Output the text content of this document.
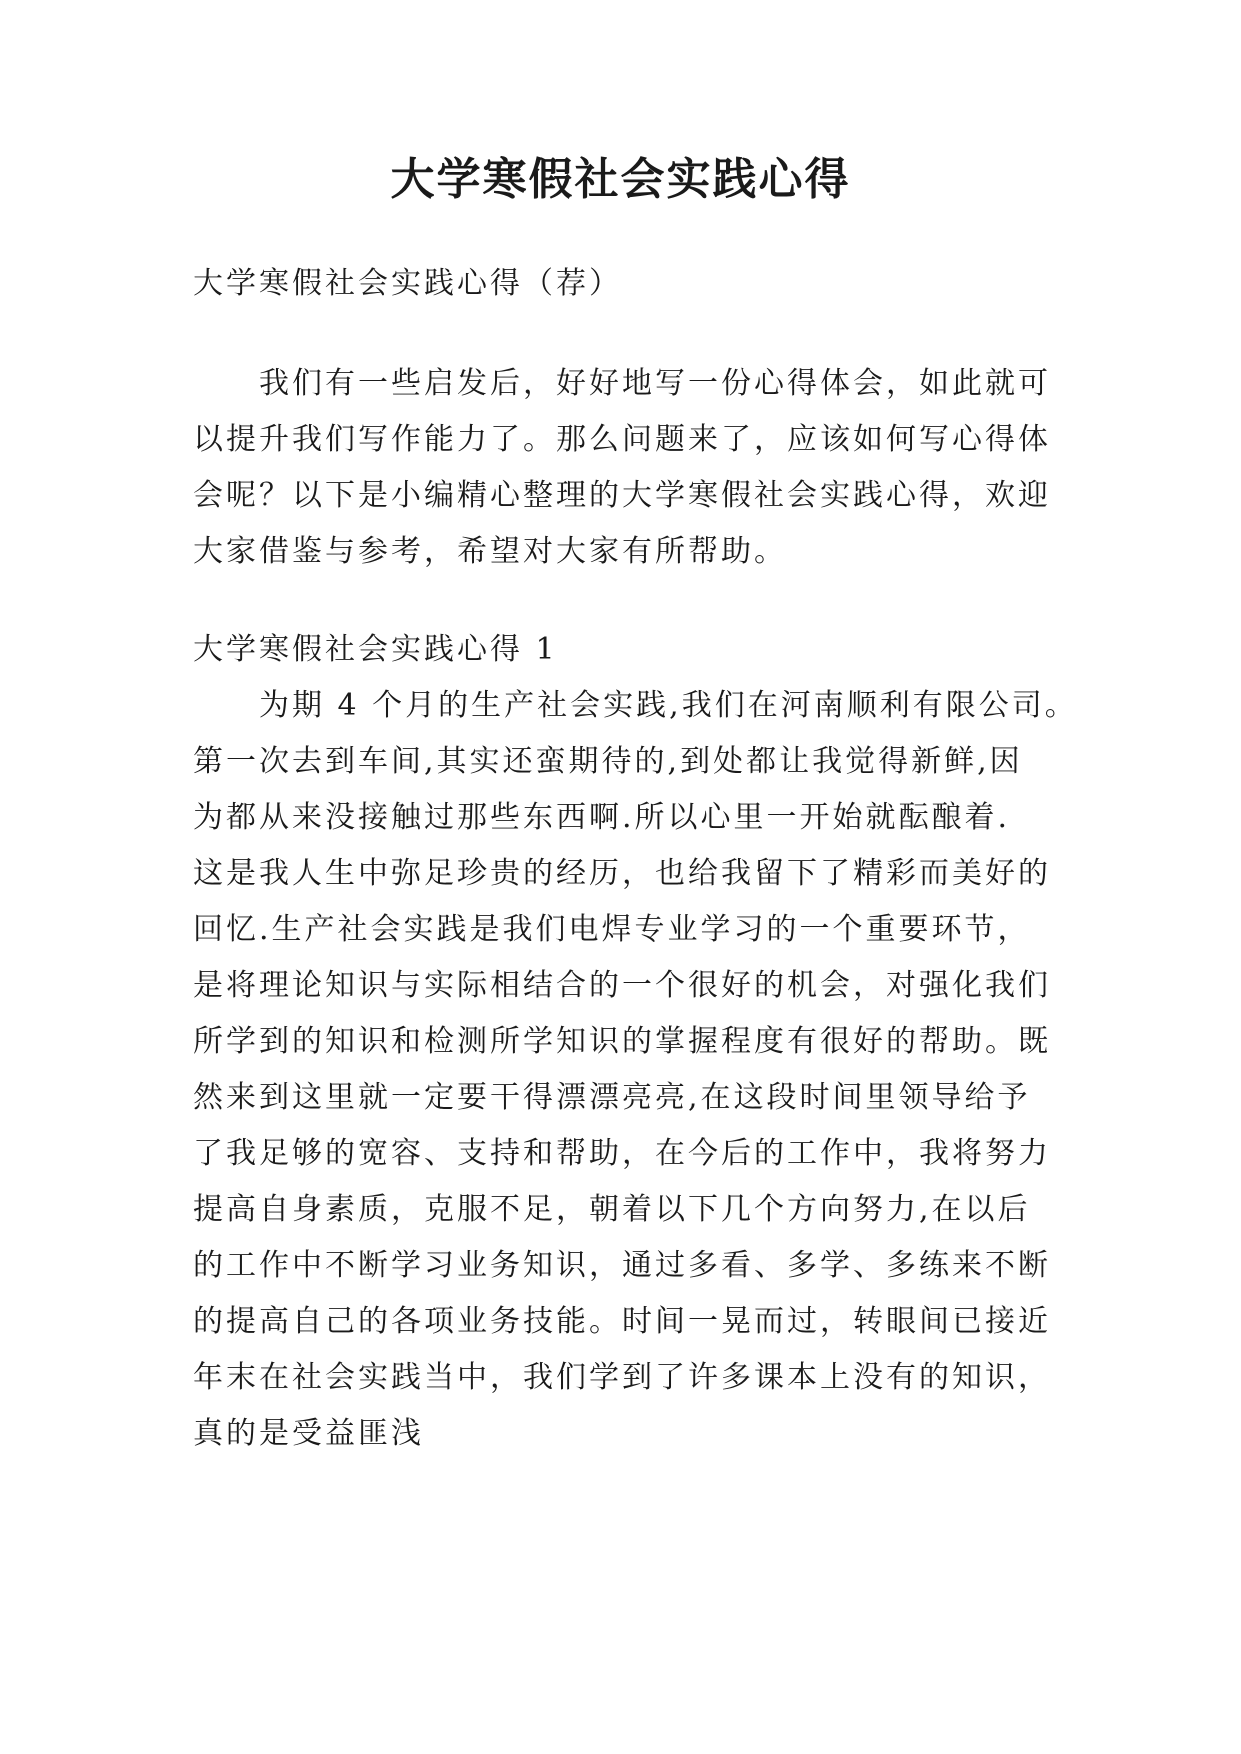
大学寒假社会实践心得

大学寒假社会实践心得（荐）

　　我们有一些启发后，好好地写一份心得体会，如此就可

以提升我们写作能力了。那么问题来了，应该如何写心得体

会呢？以下是小编精心整理的大学寒假社会实践心得，欢迎

大家借鉴与参考，希望对大家有所帮助。

大学寒假社会实践心得 1

　　为期 4 个月的生产社会实践,我们在河南顺利有限公司。

第一次去到车间,其实还蛮期待的,到处都让我觉得新鲜,因

为都从来没接触过那些东西啊.所以心里一开始就酝酿着.

这是我人生中弥足珍贵的经历，也给我留下了精彩而美好的

回忆.生产社会实践是我们电焊专业学习的一个重要环节，

是将理论知识与实际相结合的一个很好的机会，对强化我们

所学到的知识和检测所学知识的掌握程度有很好的帮助。既

然来到这里就一定要干得漂漂亮亮,在这段时间里领导给予

了我足够的宽容、支持和帮助，在今后的工作中，我将努力

提高自身素质，克服不足，朝着以下几个方向努力,在以后

的工作中不断学习业务知识，通过多看、多学、多练来不断

的提高自己的各项业务技能。时间一晃而过，转眼间已接近

年末在社会实践当中，我们学到了许多课本上没有的知识，

真的是受益匪浅
